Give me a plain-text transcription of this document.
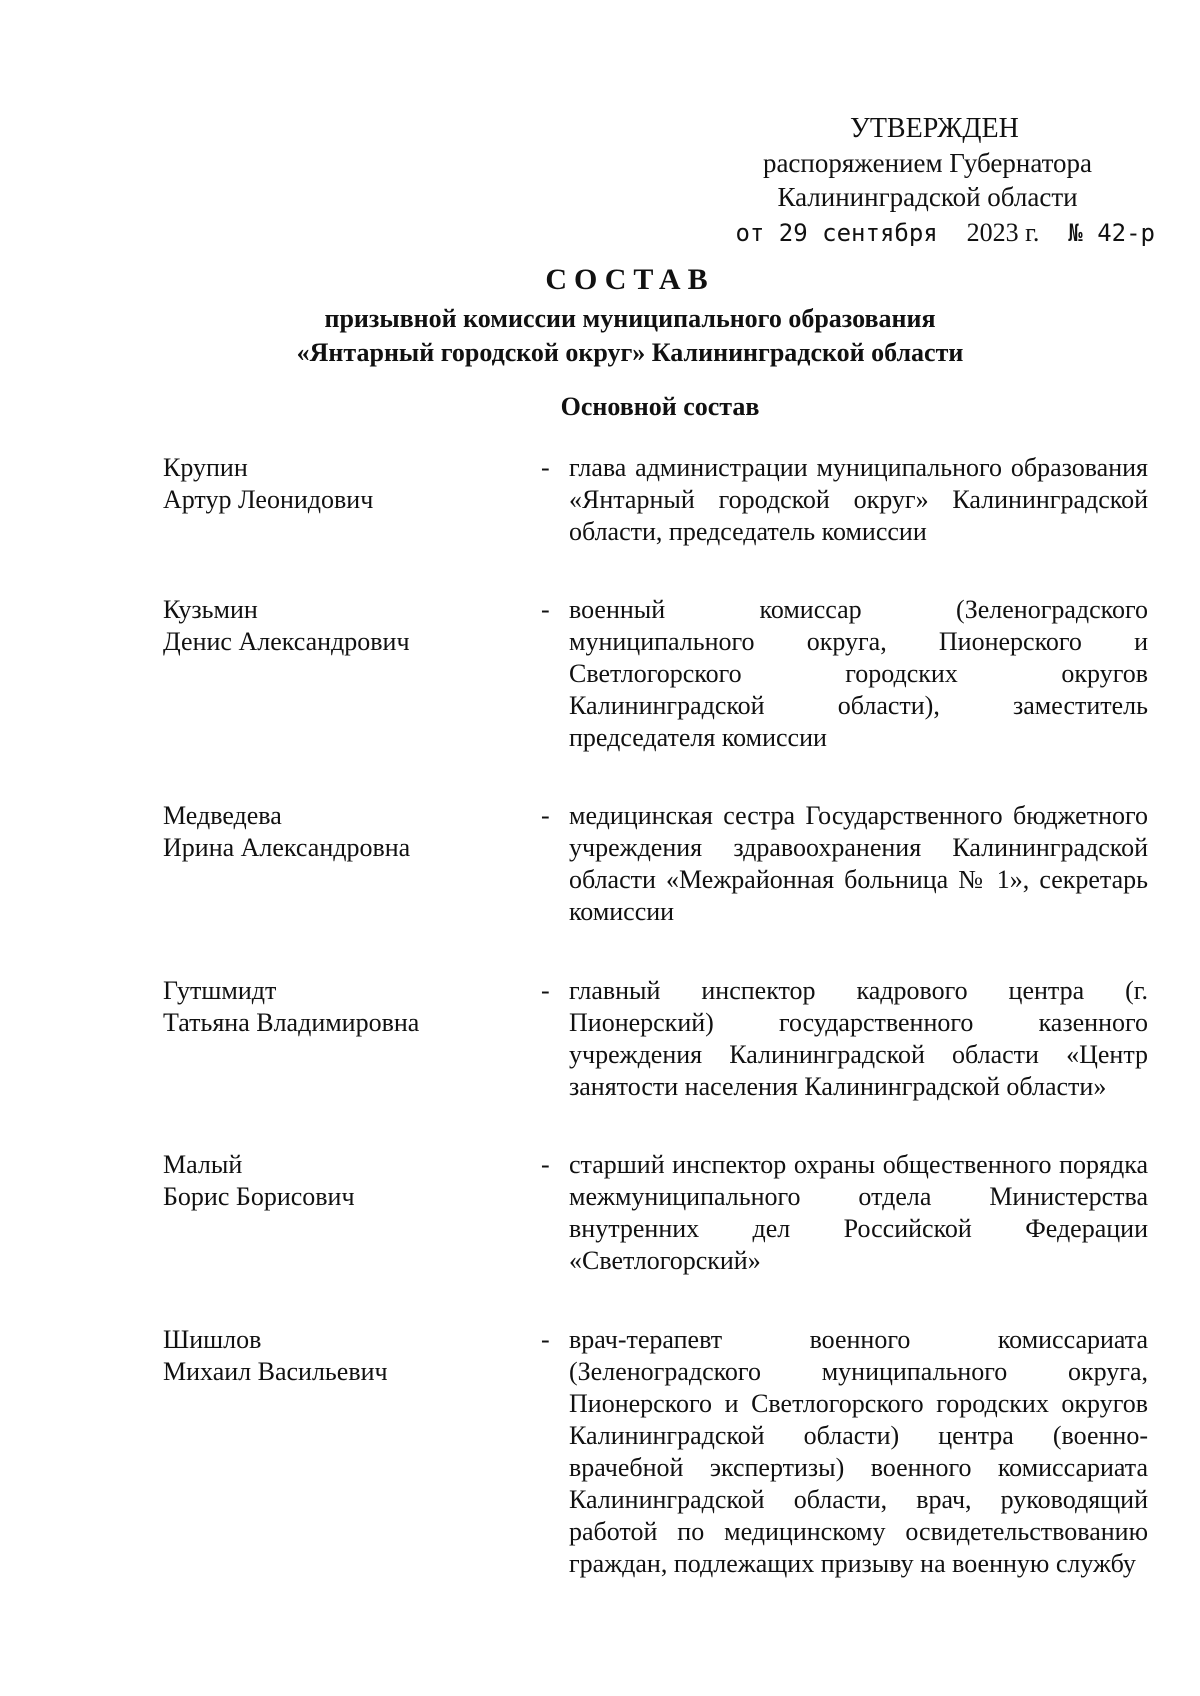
УТВЕРЖДЕН
распоряжением Губернатора
Калининградской области
от 29 сентября 2023 г. № 42-р
СОСТАВ
призывной комиссии муниципального образования
«Янтарный городской округ» Калининградской области
Основной состав
Крупин
Артур Леонидович
- глава администрации муниципального образования «Янтарный городской округ» Калининградской области, председатель комиссии
Кузьмин
Денис Александрович
- военный комиссар (Зеленоградского муниципального округа, Пионерского и Светлогорского городских округов Калининградской области), заместитель председателя комиссии
Медведева
Ирина Александровна
- медицинская сестра Государственного бюджетного учреждения здравоохранения Калининградской области «Межрайонная больница № 1», секретарь комиссии
Гутшмидт
Татьяна Владимировна
- главный инспектор кадрового центра (г. Пионерский) государственного казенного учреждения Калининградской области «Центр занятости населения Калининградской области»
Малый
Борис Борисович
- старший инспектор охраны общественного порядка межмуниципального отдела Министерства внутренних дел Российской Федерации «Светлогорский»
Шишлов
Михаил Васильевич
- врач-терапевт военного комиссариата (Зеленоградского муниципального округа, Пионерского и Светлогорского городских округов Калининградской области) центра (военно-врачебной экспертизы) военного комиссариата Калининградской области, врач, руководящий работой по медицинскому освидетельствованию граждан, подлежащих призыву на военную службу
